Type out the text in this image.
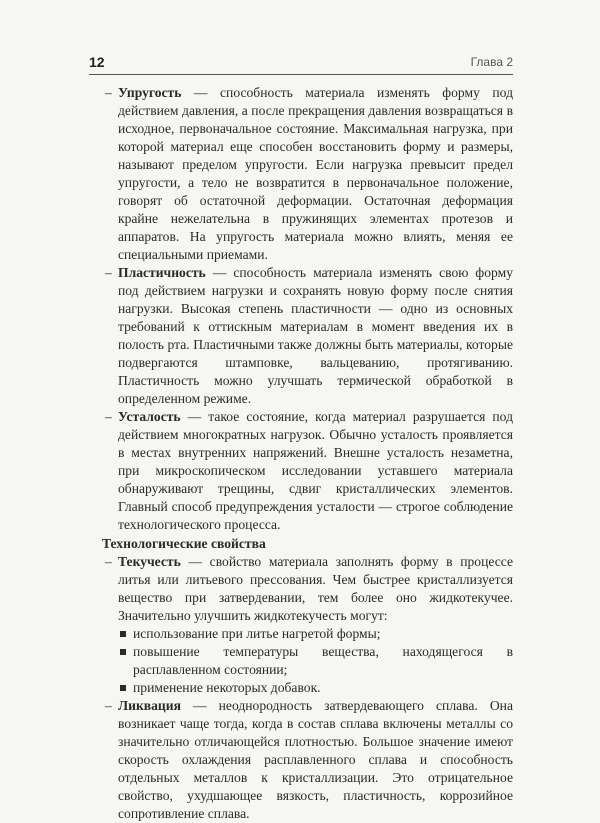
12	Глава 2

– Упругость — способность материала изменять форму под действием давления, а после прекращения давления возвращаться в исходное, первоначальное состояние. Максимальная нагрузка, при которой материал еще способен восстановить форму и размеры, называют пределом упругости. Если нагрузка превысит предел упругости, а тело не возвратится в первоначальное положение, говорят об остаточной деформации. Остаточная деформация крайне нежелательна в пружинящих элементах протезов и аппаратов. На упругость материала можно влиять, меняя ее специальными приемами.

– Пластичность — способность материала изменять свою форму под действием нагрузки и сохранять новую форму после снятия нагрузки. Высокая степень пластичности — одно из основных требований к оттискным материалам в момент введения их в полость рта. Пластичными также должны быть материалы, которые подвергаются штамповке, вальцеванию, протягиванию. Пластичность можно улучшать термической обработкой в определенном режиме.

– Усталость — такое состояние, когда материал разрушается под действием многократных нагрузок. Обычно усталость проявляется в местах внутренних напряжений. Внешне усталость незаметна, при микроскопическом исследовании уставшего материала обнаруживают трещины, сдвиг кристаллических элементов. Главный способ предупреждения усталости — строгое соблюдение технологического процесса.

Технологические свойства

– Текучесть — свойство материала заполнять форму в процессе литья или литьевого прессования. Чем быстрее кристаллизуется вещество при затвердевании, тем более оно жидкотекучее. Значительно улучшить жидкотекучесть могут:

использование при литье нагретой формы;
повышение температуры вещества, находящегося в расплавленном состоянии;
применение некоторых добавок.

– Ликвация — неоднородность затвердевающего сплава. Она возникает чаще тогда, когда в состав сплава включены металлы со значительно отличающейся плотностью. Большое значение имеют скорость охлаждения расплавленного сплава и способность отдельных металлов к кристаллизации. Это отрицательное свойство, ухудшающее вязкость, пластичность, коррозийное сопротивление сплава.
